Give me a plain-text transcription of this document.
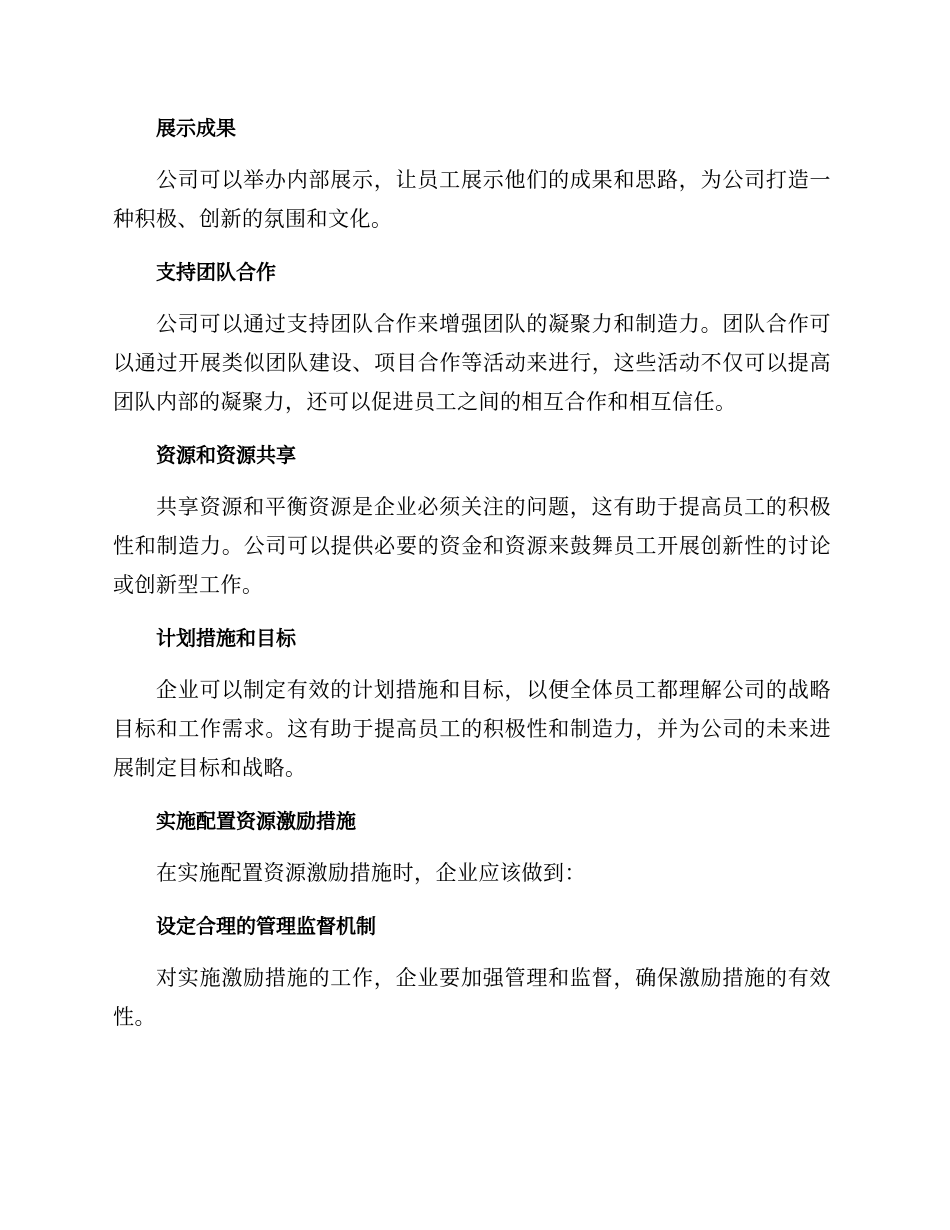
展示成果

公司可以举办内部展示，让员工展示他们的成果和思路，为公司打造一种积极、创新的氛围和文化。

支持团队合作

公司可以通过支持团队合作来增强团队的凝聚力和制造力。团队合作可以通过开展类似团队建设、项目合作等活动来进行，这些活动不仅可以提高团队内部的凝聚力，还可以促进员工之间的相互合作和相互信任。

资源和资源共享

共享资源和平衡资源是企业必须关注的问题，这有助于提高员工的积极性和制造力。公司可以提供必要的资金和资源来鼓舞员工开展创新性的讨论或创新型工作。

计划措施和目标

企业可以制定有效的计划措施和目标，以便全体员工都理解公司的战略目标和工作需求。这有助于提高员工的积极性和制造力，并为公司的未来进展制定目标和战略。

实施配置资源激励措施

在实施配置资源激励措施时，企业应该做到：

设定合理的管理监督机制

对实施激励措施的工作，企业要加强管理和监督，确保激励措施的有效性。
